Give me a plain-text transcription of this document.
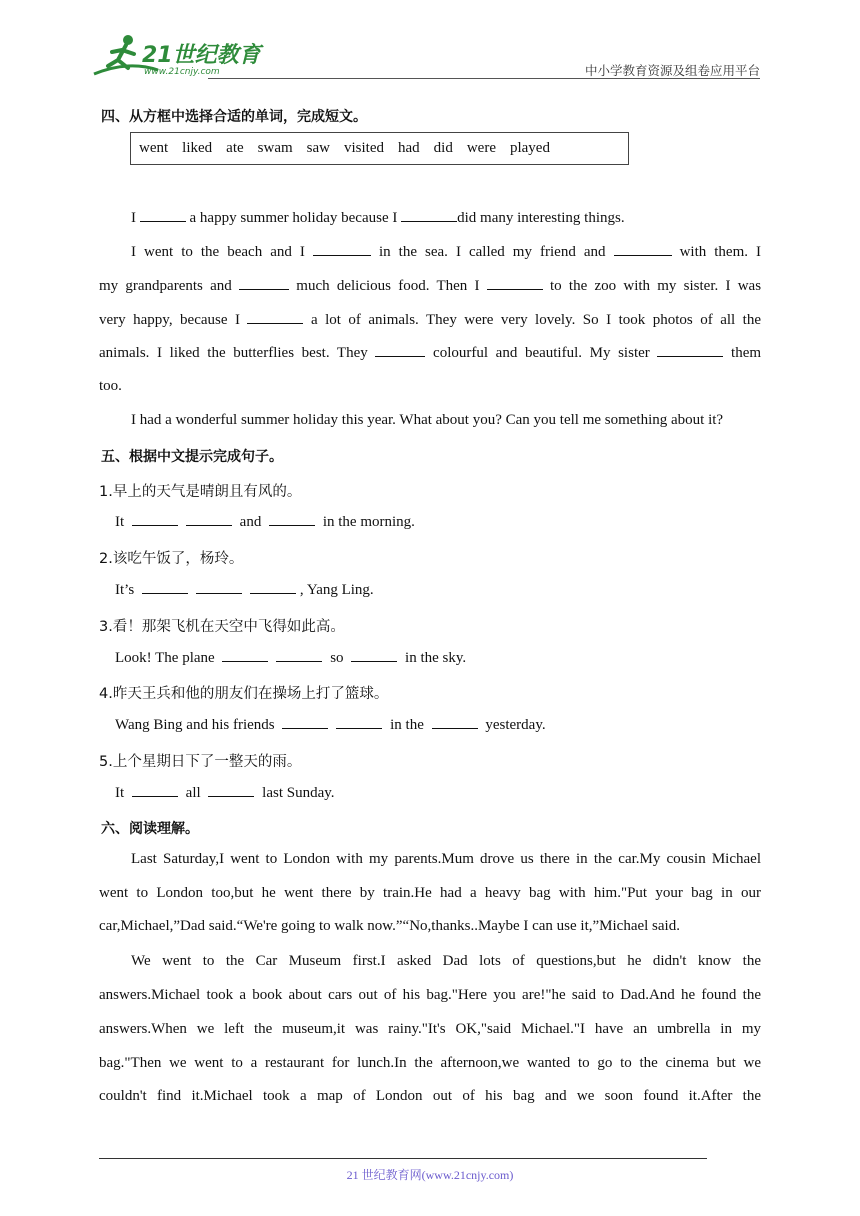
21世纪教育
www.21cnjy.com	中小学教育资源及组卷应用平台
四、从方框中选择合适的单词，完成短文。
went liked ate swam saw visited had did were played
I	a happy summer holiday because I	did many interesting things.
I went to the beach and I	in the sea. I called my friend and	with them. I
my grandparents and	much delicious food. Then I	to the zoo with my sister. I was
very happy, because I	a lot of animals. They were very lovely. So I took photos of all the
animals. I liked the butterflies best. They	colourful and beautiful. My sister	them
too.
I had a wonderful summer holiday this year. What about you? Can you tell me something about it?
五、根据中文提示完成句子。
1.早上的天气是晴朗且有风的。
It	and	in the morning.
2.该吃午饭了，杨玲。
It’s	, Yang Ling.
3.看！那架飞机在天空中飞得如此高。
Look! The plane	so	in the sky.
4.昨天王兵和他的朋友们在操场上打了篮球。
Wang Bing and his friends	in the	yesterday.
5.上个星期日下了一整天的雨。
It	all	last Sunday.
六、阅读理解。
Last Saturday,I went to London with my parents.Mum drove us there in the car.My cousin Michael
went to London too,but he went there by train.He had a heavy bag with him."Put your bag in our
car,Michael,”Dad said.“We're going to walk now.”“No,thanks..Maybe I can use it,”Michael said.
We went to the Car Museum first.I asked Dad lots of questions,but he didn't know the
answers.Michael took a book about cars out of his bag."Here you are!"he said to Dad.And he found the
answers.When we left the museum,it was rainy."It's OK,"said Michael."I have an umbrella in my
bag."Then we went to a restaurant for lunch.In the afternoon,we wanted to go to the cinema but we
couldn't find it.Michael took a map of London out of his bag and we soon found it.After the
21 世纪教育网(www.21cnjy.com)
